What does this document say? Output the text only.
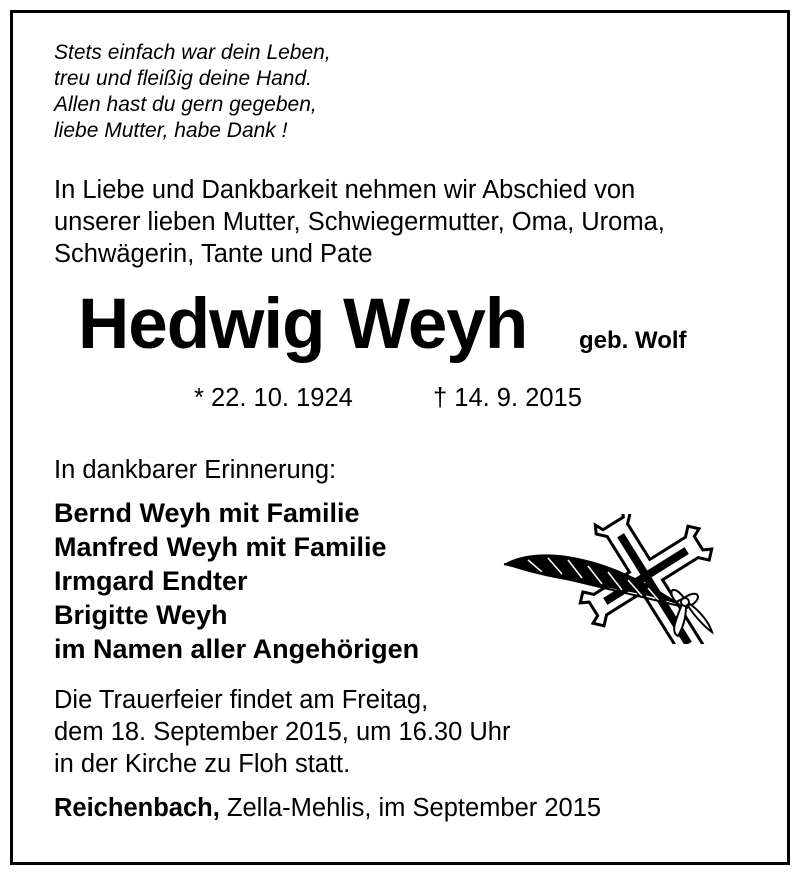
Stets einfach war dein Leben,
treu und fleißig deine Hand.
Allen hast du gern gegeben,
liebe Mutter, habe Dank !
In Liebe und Dankbarkeit nehmen wir Abschied von
unserer lieben Mutter, Schwiegermutter, Oma, Uroma,
Schwägerin, Tante und Pate
Hedwig Weyh geb. Wolf
* 22. 10. 1924	† 14. 9. 2015
In dankbarer Erinnerung:
Bernd Weyh mit Familie
Manfred Weyh mit Familie
Irmgard Endter
Brigitte Weyh
im Namen aller Angehörigen
Die Trauerfeier findet am Freitag,
dem 18. September 2015, um 16.30 Uhr
in der Kirche zu Floh statt.
Reichenbach, Zella-Mehlis, im September 2015
